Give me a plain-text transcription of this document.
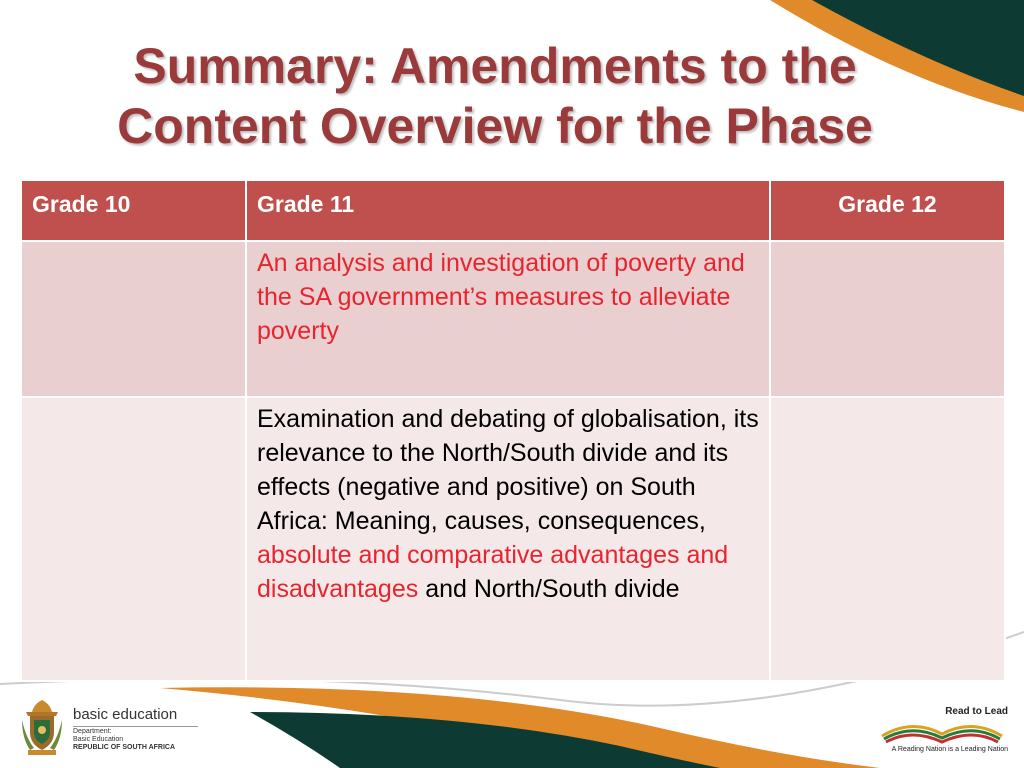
Summary: Amendments to the
Content Overview for the Phase
Grade 10	Grade 11	Grade 12
	An analysis and investigation of poverty and the SA government’s measures to alleviate poverty	
	Examination and debating of globalisation, its relevance to the North/South divide and its effects (negative and positive) on South Africa: Meaning, causes, consequences, absolute and comparative advantages and disadvantages and North/South divide	
basic education
Department:
Basic Education
REPUBLIC OF SOUTH AFRICA
Read to Lead
A Reading Nation is a Leading Nation
